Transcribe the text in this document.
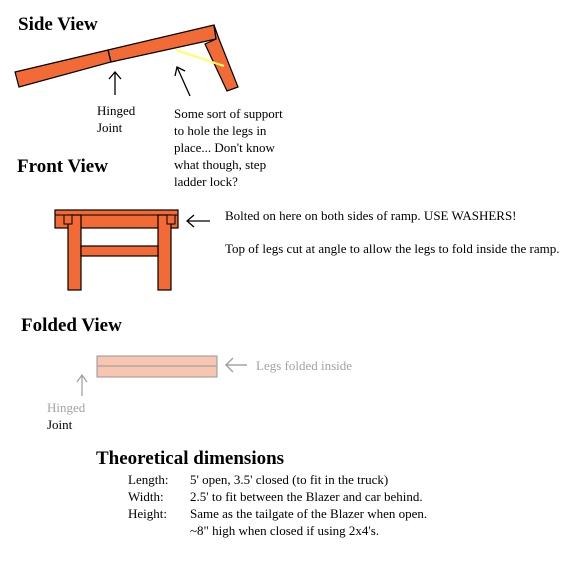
Side View
Hinged
Joint
Some sort of support
to hole the legs in
place... Don't know
what though, step
ladder lock?
Front View
Bolted on here on both sides of ramp. USE WASHERS!
Top of legs cut at angle to allow the legs to fold inside the ramp.
Folded View
Legs folded inside
Hinged
Joint
Theoretical dimensions
Length:	5' open, 3.5' closed (to fit in the truck)
Width:	2.5' to fit between the Blazer and car behind.
Height:	Same as the tailgate of the Blazer when open.
~8" high when closed if using 2x4's.
